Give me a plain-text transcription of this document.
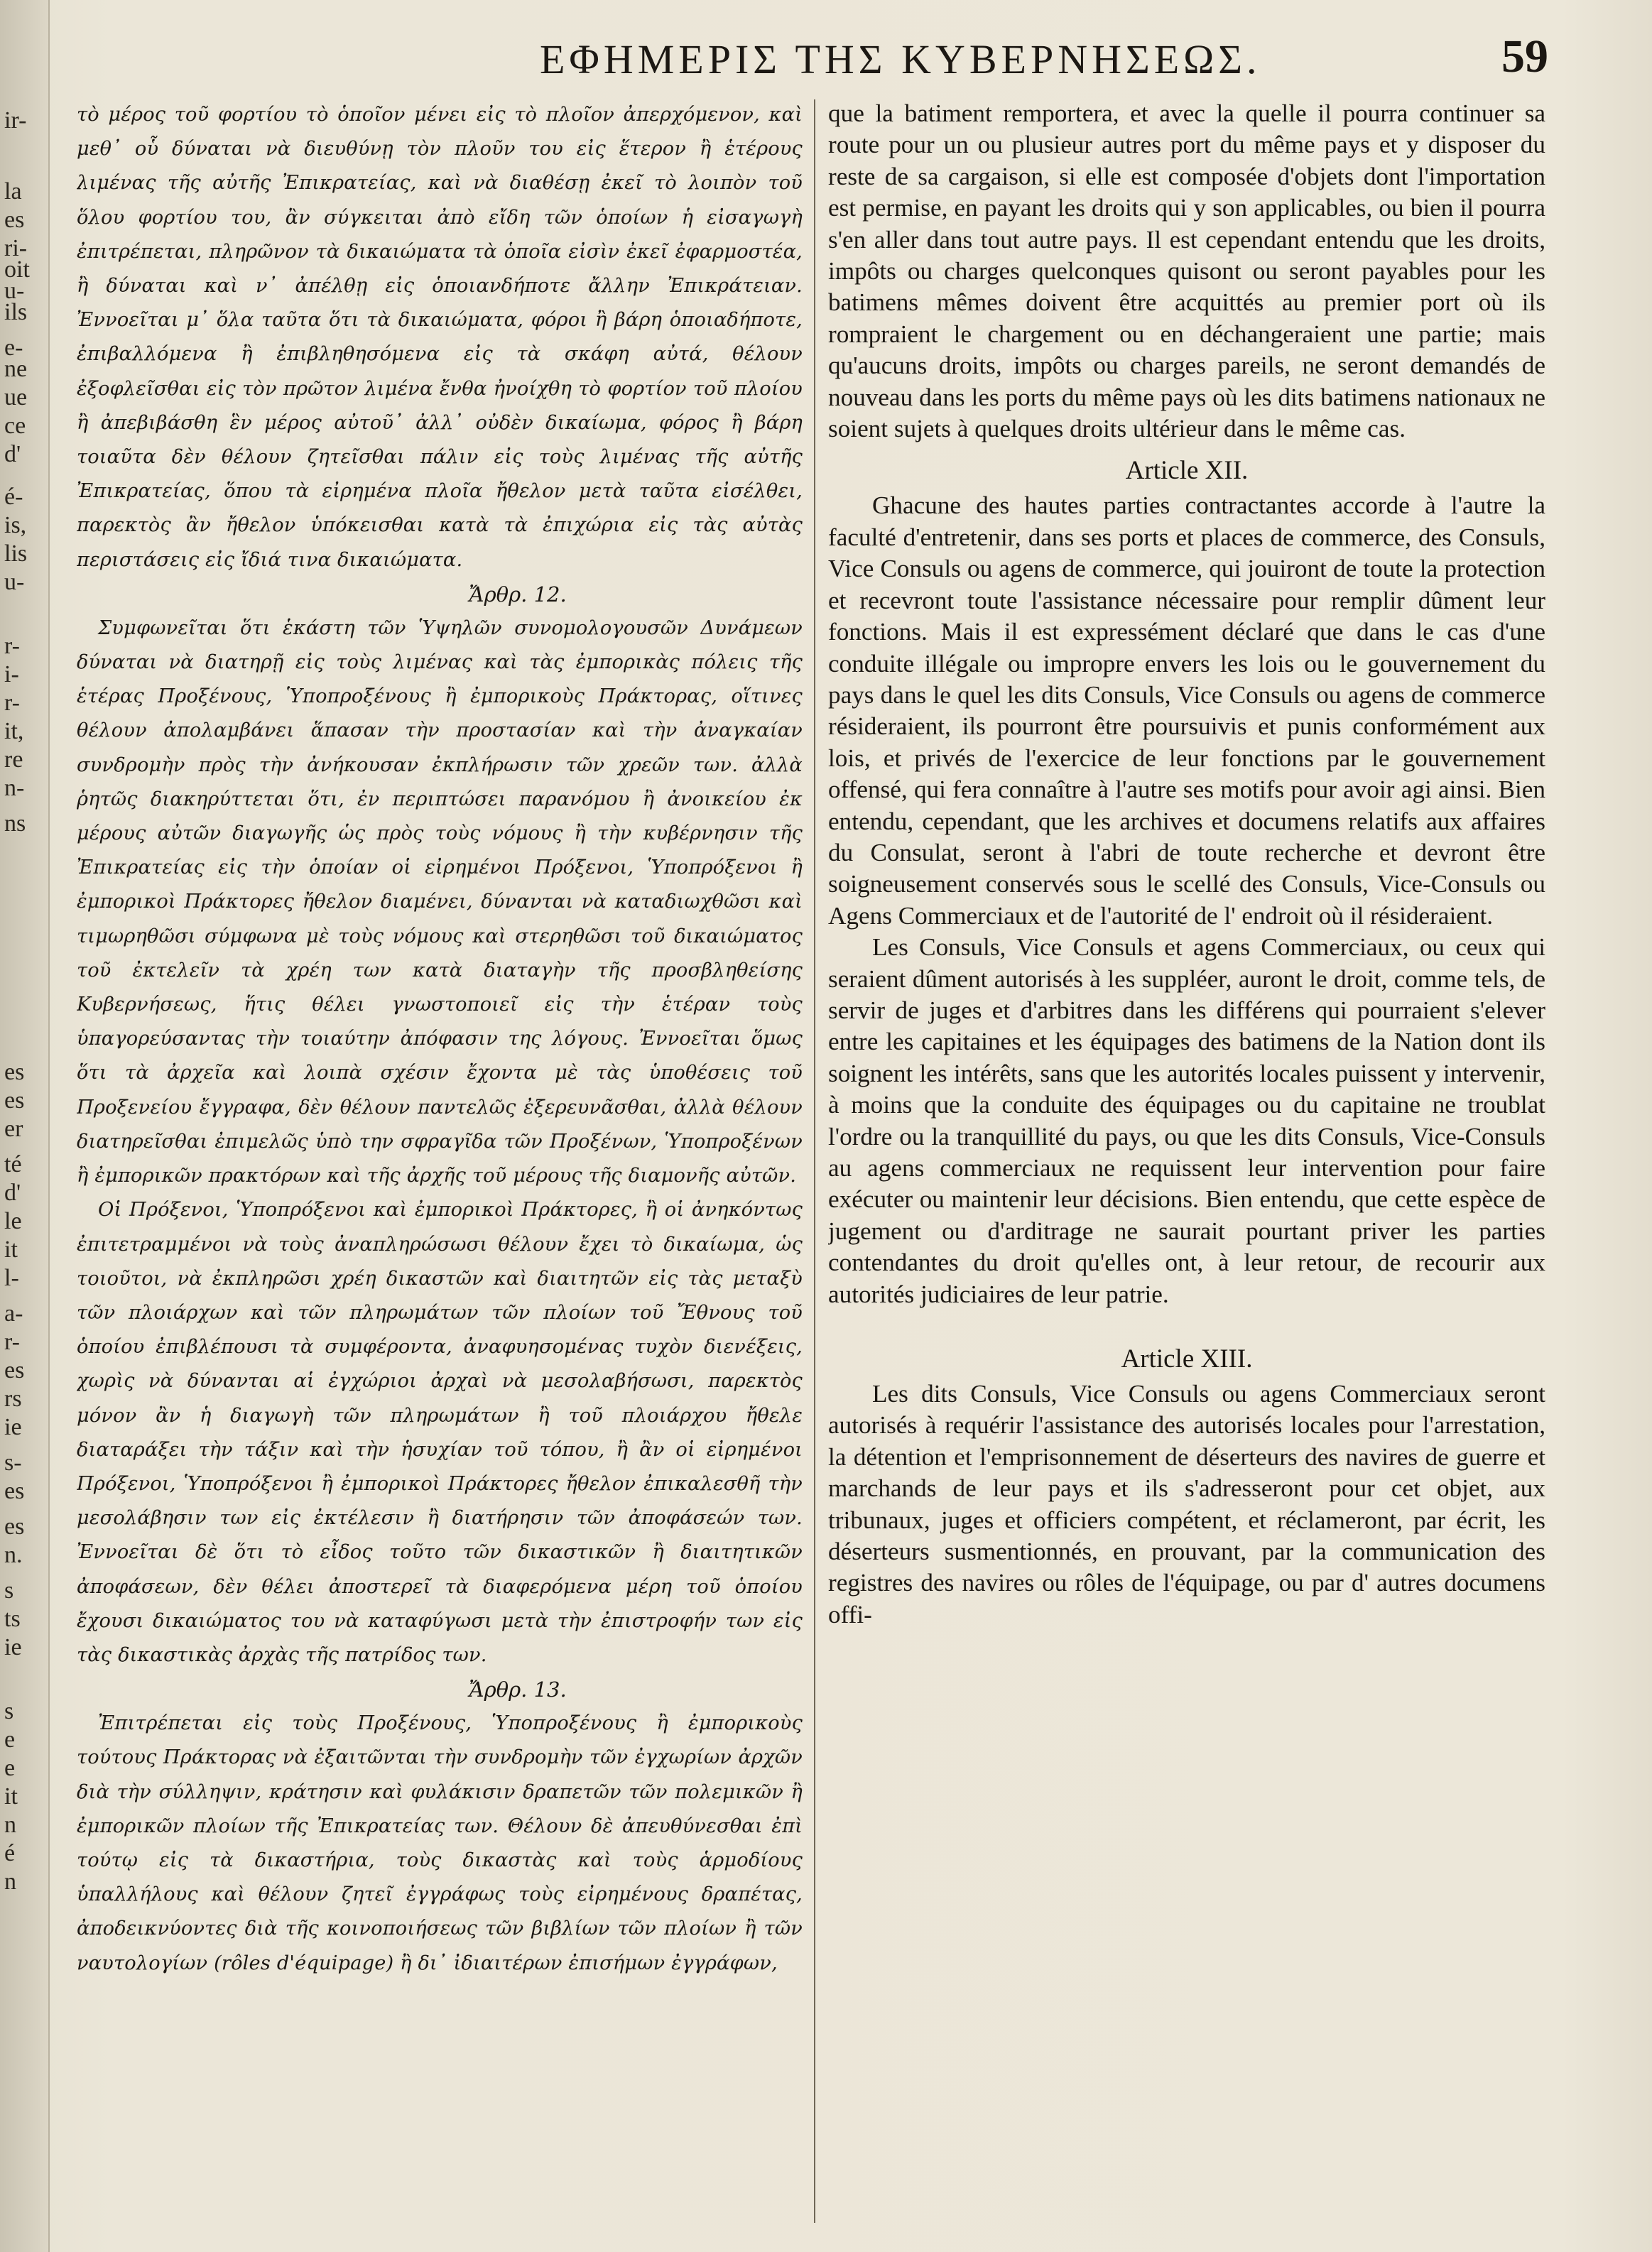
ir-
la
es
ri-
oit
u-
ils
e-
ne
ue
ce
d'
é-
is,
lis
u-
r-
i-
r-
it,
re
n-
ns
es
es
er
té
d'
le
it
l-
a-
r-
es
rs
ie
s-
es
es
n.
s
ts
ie
s
e
e
it
n
é
n
ΕΦΗΜΕΡΙΣ ΤΗΣ ΚΥΒΕΡΝΗΣΕΩΣ.	59

τὸ μέρος τοῦ φορτίου τὸ ὁποῖον μένει εἰς τὸ πλοῖον ἀπερχόμενον, καὶ μεθ᾿ οὗ δύναται νὰ διευθύνῃ τὸν πλοῦν του εἰς ἕτερον ἢ ἑτέρους λιμένας τῆς αὐτῆς Ἐπικρατείας, καὶ νὰ διαθέσῃ ἐκεῖ τὸ λοιπὸν τοῦ ὅλου φορτίου του, ἂν σύγκειται ἀπὸ εἴδη τῶν ὁποίων ἡ εἰσαγωγὴ ἐπιτρέπεται, πληρῶνον τὰ δικαιώματα τὰ ὁποῖα εἰσὶν ἐκεῖ ἐφαρμοστέα, ἢ δύναται καὶ ν᾿ ἀπέλθῃ εἰς ὁποιανδήποτε ἄλλην Ἐπικράτειαν. Ἐννοεῖται μ᾿ ὅλα ταῦτα ὅτι τὰ δικαιώματα, φόροι ἢ βάρη ὁποιαδήποτε, ἐπιβαλλόμενα ἢ ἐπιβληθησόμενα εἰς τὰ σκάφη αὐτά, θέλουν ἐξοφλεῖσθαι εἰς τὸν πρῶτον λιμένα ἔνθα ἠνοίχθη τὸ φορτίον τοῦ πλοίου ἢ ἀπεβιβάσθη ἓν μέρος αὐτοῦ᾿ ἀλλ᾿ οὐδὲν δικαίωμα, φόρος ἢ βάρη τοιαῦτα δὲν θέλουν ζητεῖσθαι πάλιν εἰς τοὺς λιμένας τῆς αὐτῆς Ἐπικρατείας, ὅπου τὰ εἰρημένα πλοῖα ἤθελον μετὰ ταῦτα εἰσέλθει, παρεκτὸς ἂν ἤθελον ὑπόκεισθαι κατὰ τὰ ἐπιχώρια εἰς τὰς αὐτὰς περιστάσεις εἰς ἴδιά τινα δικαιώματα.

Ἄρθρ. 12.

Συμφωνεῖται ὅτι ἑκάστη τῶν Ὑψηλῶν συνομολογουσῶν Δυνάμεων δύναται νὰ διατηρῇ εἰς τοὺς λιμένας καὶ τὰς ἐμπορικὰς πόλεις τῆς ἑτέρας Προξένους, Ὑποπροξένους ἢ ἐμπορικοὺς Πράκτορας, οἵτινες θέλουν ἀπολαμβάνει ἅπασαν τὴν προστασίαν καὶ τὴν ἀναγκαίαν συνδρομὴν πρὸς τὴν ἀνήκουσαν ἐκπλήρωσιν τῶν χρεῶν των. ἀλλὰ ῥητῶς διακηρύττεται ὅτι, ἐν περιπτώσει παρανόμου ἢ ἀνοικείου ἐκ μέρους αὐτῶν διαγωγῆς ὡς πρὸς τοὺς νόμους ἢ τὴν κυβέρνησιν τῆς Ἐπικρατείας εἰς τὴν ὁποίαν οἱ εἰρημένοι Πρόξενοι, Ὑποπρόξενοι ἢ ἐμπορικοὶ Πράκτορες ἤθελον διαμένει, δύνανται νὰ καταδιωχθῶσι καὶ τιμωρηθῶσι σύμφωνα μὲ τοὺς νόμους καὶ στερηθῶσι τοῦ δικαιώματος τοῦ ἐκτελεῖν τὰ χρέη των κατὰ διαταγὴν τῆς προσβληθείσης Κυβερνήσεως, ἥτις θέλει γνωστοποιεῖ εἰς τὴν ἑτέραν τοὺς ὑπαγορεύσαντας τὴν τοιαύτην ἀπόφασιν της λόγους. Ἐννοεῖται ὅμως ὅτι τὰ ἀρχεῖα καὶ λοιπὰ σχέσιν ἔχοντα μὲ τὰς ὑποθέσεις τοῦ Προξενείου ἔγγραφα, δὲν θέλουν παντελῶς ἐξερευνᾶσθαι, ἀλλὰ θέλουν διατηρεῖσθαι ἐπιμελῶς ὑπὸ την σφραγῖδα τῶν Προξένων, Ὑποπροξένων ἢ ἐμπορικῶν πρακτόρων καὶ τῆς ἀρχῆς τοῦ μέρους τῆς διαμονῆς αὐτῶν.

Οἱ Πρόξενοι, Ὑποπρόξενοι καὶ ἐμπορικοὶ Πράκτορες, ἢ οἱ ἀνηκόντως ἐπιτετραμμένοι νὰ τοὺς ἀναπληρώσωσι θέλουν ἔχει τὸ δικαίωμα, ὡς τοιοῦτοι, νὰ ἐκπληρῶσι χρέη δικαστῶν καὶ διαιτητῶν εἰς τὰς μεταξὺ τῶν πλοιάρχων καὶ τῶν πληρωμάτων τῶν πλοίων τοῦ Ἔθνους τοῦ ὁποίου ἐπιβλέπουσι τὰ συμφέροντα, ἀναφυησομένας τυχὸν διενέξεις, χωρὶς νὰ δύνανται αἱ ἐγχώριοι ἀρχαὶ νὰ μεσολαβήσωσι, παρεκτὸς μόνον ἂν ἡ διαγωγὴ τῶν πληρωμάτων ἢ τοῦ πλοιάρχου ἤθελε διαταράξει τὴν τάξιν καὶ τὴν ἡσυχίαν τοῦ τόπου, ἢ ἂν οἱ εἰρημένοι Πρόξενοι, Ὑποπρόξενοι ἢ ἐμπορικοὶ Πράκτορες ἤθελον ἐπικαλεσθῆ τὴν μεσολάβησιν των εἰς ἐκτέλεσιν ἢ διατήρησιν τῶν ἀποφάσεών των. Ἐννοεῖται δὲ ὅτι τὸ εἶδος τοῦτο τῶν δικαστικῶν ἢ διαιτητικῶν ἀποφάσεων, δὲν θέλει ἀποστερεῖ τὰ διαφερόμενα μέρη τοῦ ὁποίου ἔχουσι δικαιώματος του νὰ καταφύγωσι μετὰ τὴν ἐπιστροφήν των εἰς τὰς δικαστικὰς ἀρχὰς τῆς πατρίδος των.

Ἄρθρ. 13.

Ἐπιτρέπεται εἰς τοὺς Προξένους, Ὑποπροξένους ἢ ἐμπορικοὺς τούτους Πράκτορας νὰ ἐξαιτῶνται τὴν συνδρομὴν τῶν ἐγχωρίων ἀρχῶν διὰ τὴν σύλληψιν, κράτησιν καὶ φυλάκισιν δραπετῶν τῶν πολεμικῶν ἢ ἐμπορικῶν πλοίων τῆς Ἐπικρατείας των. Θέλουν δὲ ἀπευθύνεσθαι ἐπὶ τούτῳ εἰς τὰ δικαστήρια, τοὺς δικαστὰς καὶ τοὺς ἁρμοδίους ὑπαλλήλους καὶ θέλουν ζητεῖ ἐγγράφως τοὺς εἰρημένους δραπέτας, ἀποδεικνύοντες διὰ τῆς κοινοποιήσεως τῶν βιβλίων τῶν πλοίων ἢ τῶν ναυτολογίων (rôles d'équipage) ἢ δι᾿ ἰδιαιτέρων ἐπισήμων ἐγγράφων,

que la batiment remportera, et avec la quelle il pourra continuer sa route pour un ou plusieur autres port du même pays et y disposer du reste de sa cargaison, si elle est composée d'objets dont l'importation est permise, en payant les droits qui y son applicables, ou bien il pourra s'en aller dans tout autre pays. Il est cependant entendu que les droits, impôts ou charges quelconques quisont ou seront payables pour les batimens mêmes doivent être acquittés au premier port où ils rompraient le chargement ou en déchangeraient une partie; mais qu'aucuns droits, impôts ou charges pareils, ne seront demandés de nouveau dans les ports du même pays où les dits batimens nationaux ne soient sujets à quelques droits ultérieur dans le même cas.

Article XII.

Ghacune des hautes parties contractantes accorde à l'autre la faculté d'entretenir, dans ses ports et places de commerce, des Consuls, Vice Consuls ou agens de commerce, qui jouiront de toute la protection et recevront toute l'assistance nécessaire pour remplir dûment leur fonctions. Mais il est expressément déclaré que dans le cas d'une conduite illégale ou impropre envers les lois ou le gouvernement du pays dans le quel les dits Consuls, Vice Consuls ou agens de commerce résideraient, ils pourront être poursuivis et punis conformément aux lois, et privés de l'exercice de leur fonctions par le gouvernement offensé, qui fera connaître à l'autre ses motifs pour avoir agi ainsi. Bien entendu, cependant, que les archives et documens relatifs aux affaires du Consulat, seront à l'abri de toute recherche et devront être soigneusement conservés sous le scellé des Consuls, Vice-Consuls ou Agens Commerciaux et de l'autorité de l' endroit où il résideraient.

Les Consuls, Vice Consuls et agens Commerciaux, ou ceux qui seraient dûment autorisés à les suppléer, auront le droit, comme tels, de servir de juges et d'arbitres dans les différens qui pourraient s'elever entre les capitaines et les équipages des batimens de la Nation dont ils soignent les intérêts, sans que les autorités locales puissent y intervenir, à moins que la conduite des équipages ou du capitaine ne troublat l'ordre ou la tranquillité du pays, ou que les dits Consuls, Vice-Consuls au agens commerciaux ne requissent leur intervention pour faire exécuter ou maintenir leur décisions. Bien entendu, que cette espèce de jugement ou d'arditrage ne saurait pourtant priver les parties contendantes du droit qu'elles ont, à leur retour, de recourir aux autorités judiciaires de leur patrie.

Article XIII.

Les dits Consuls, Vice Consuls ou agens Commerciaux seront autorisés à requérir l'assistance des autorisés locales pour l'arrestation, la détention et l'emprisonnement de déserteurs des navires de guerre et marchands de leur pays et ils s'adresseront pour cet objet, aux tribunaux, juges et officiers compétent, et réclameront, par écrit, les déserteurs susmentionnés, en prouvant, par la communication des registres des navires ou rôles de l'équipage, ou par d' autres documens offi-
